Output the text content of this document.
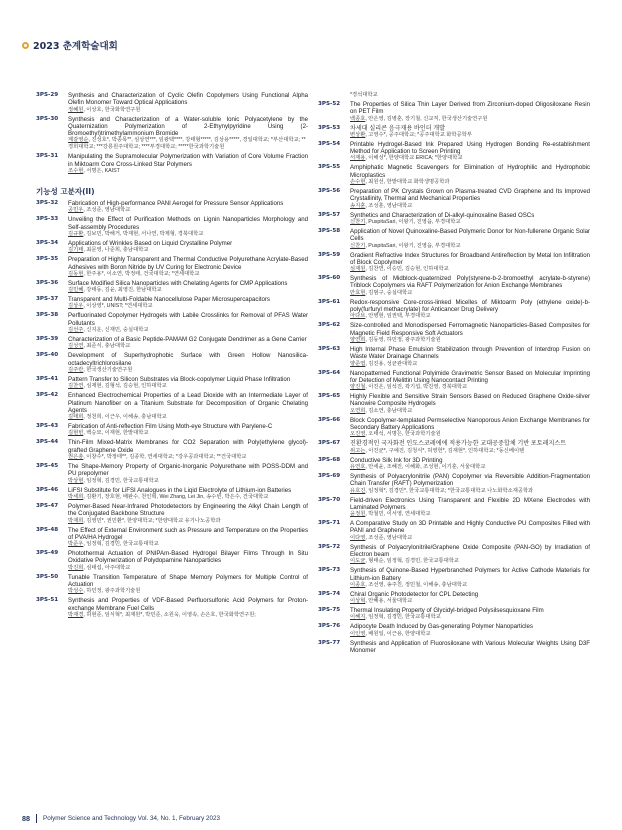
2023 춘계학술대회
3PS-29	Synthesis and Characterization of Cyclic Olefin Copolymers Using Functional Alpha Olefin Monomer Toward Optical Applications
정혜원, 이상호, 한국화학연구원
3PS-30	Synthesis and Characterization of a Water-soluble Ionic Polyacetylene by the Quaternization Polymerization of 2-Ethynylpyridine Using (2-Bromoethyl)trimethylammonium Bromide
제갈영순, 진성호*, 박종목**, 심상연***, 임광택****, 강태형*****, 김상용*****, 경일대학교; *부산대학교; **경희대학교; ***강릉원주대학교; ****부경대학교; *****한국과학기술원
3PS-31	Manipulating the Supramolecular Polymerization with Variation of Core Volume Fraction in Miktoarm Core Cross-Linked Star Polymers
조수현, 서명은, KAIST
기능성 고분자(II)
3PS-32	Fabrication of High-performance PANI Aerogel for Pressure Sensor Applications
공민우, 조성준, 영남대학교
3PS-33	Unveiling the Effect of Purification Methods on Lignin Nanoparticles Morphology and Self-assembly Procedures
김규환, 김보민, 박해거, 박재현, 서나연, 박제형, 경북대학교
3PS-34	Applications of Wrinkles Based on Liquid Crystalline Polymer
김기태, 최문영, 나준희, 충남대학교
3PS-35	Preparation of Highly Transparent and Thermal Conductive Polyurethane Acrylate-Based Adhesives with Boron Nitride by UV Curing for Electronic Device
김동현, 한주용*, 이소연, 박정태, 건국대학교; *연세대학교
3PS-36	Surface Modified Silica Nanoparticles with Chelating Agents for CMP Applications
김민혜, 강태동, 김윤, 최영진, 한남대학교
3PS-37	Transparent and Multi-Foldable Nanocellulose Paper Microsupercapacitors
김상우, 이상영*, UNIST; *연세대학교
3PS-38	Perfluorinated Copolymer Hydrogels with Labile Crosslinks for Removal of PFAS Water Pollutants
김선주, 신지운, 신재민, 숭실대학교
3PS-39	Characterization of a Basic Peptide-PAMAM G2 Conjugate Dendrimer as a Gene Carrier
김성연, 최준식, 충남대학교
3PS-40	Development of Superhydrophobic Surface with Green Hollow Nanosilica-octadecyltrichlorosilane
김주란, 한국생산기술연구원
3PS-41	Pattern Transfer to Silicon Substrates via Block-copolymer Liquid Phase Infiltration
김찬연, 심재현, 김형석, 김승현, 인하대학교
3PS-42	Enhanced Electrochemical Properties of a Lead Dioxide with an Intermediate Layer of Platinum Nanofiber on a Titanium Substrate for Decomposition of Organic Chelating Agents
김태희, 정천희, 이근우, 이해송, 충남대학교
3PS-43	Fabrication of Anti-reflection Film Using Moth-eye Structure with Parylene-C
김현빈, 백승묘, 이재현, 한밭대학교
3PS-44	Thin-Film Mixed-Matrix Membranes for CO2 Separation with Poly(ethylene glycol)-grafted Graphene Oxide
권은총, 이창수*, 박정태**, 김종학, 연세대학교; *강우공과대학교; **건국대학교
3PS-45	The Shape-Memory Property of Organic-Inorganic Polyurethane with POSS-DDM and PU prepolymer
박상현, 임정혁, 김경민, 한국교통대학교
3PS-46	LiFSI Substitute for LiFSI Analogues in the Liqid Electrolyte of Lithium-ion Batteries
박세희, 김환기, 장호현, 배완수, 천인혁, Wei Zhang, Lei Jin, 송수빈, 박은수, 건국대학교
3PS-47	Polymer-Based Near-Infrared Photodetectors by Engineering the Alkyl Chain Length of the Conjugated Backbone Structure
박재희, 김영민*, 권민환*, 한양대학교; *한양대학교 유기나노공학과
3PS-48	The Effect of External Environment such as Pressure and Temperature on the Properties of PVA/HA Hydrogel
박준우, 임정혁, 김경민, 한국교통대학교
3PS-49	Photothermal Actuation of PNIPAm-Based Hydrogel Bilayer Films Through In Situ Oxidative Polymerization of Polydopamine Nanoparticles
박진희, 심태섭, 아주대학교
3PS-50	Tunable Transition Temperature of Shape Memory Polymers for Multiple Control of Actuation
박성수, 하민정, 광주과학기술원
3PS-51	Synthesis and Properties of VDF-Based Perfluorsulfonic Acid Polymers for Proton-exchange Membrane Fuel Cells
박재경, 허현준, 임식혁*, 최재원*, 박민준, 소원욱, 이영속, 손은호, 한국화학연구원;
*경석대학교
3PS-52	The Properties of Silica Thin Layer Derived from Zirconium-doped Oligosiloxane Resin on PET Film
백종호, 안은영, 김병훈, 장기철, 신교직, 한국생산기술연구원
3PS-53	차세대 실리콘 음극재용 바인더 개발
변상환, 고영수*, 공주대학교; *공주대학교 화학공학부
3PS-54	Printable Hydrogel-Based Ink Prepared Using Hydrogen Bonding Re-establishment Method for Application to Screen Printing
서재용, 이해성*, 한양대학교 ERICA; *한양대학교
3PS-55	Amphiphatic Magnetic Scavengers for Elimination of Hydrophilic and Hydrophobic Microplastics
손수현, 최원선, 한밭대학교 화학생명공학과
3PS-56	Preparation of PK Crystals Grown on Plasma-treated CVD Graphene and Its Improved Crystallinity, Thermal and Mechanical Properties
송지훈, 조성훈, 영남대학교
3PS-57	Synthetics and Characterization of Di-alkyl-quinoxaline Based OSCs
신찬기, PuspitaSari, 이왕기, 진영읍, 부경대학교
3PS-58	Application of Novel Quinoxaline-Based Polymeric Donor for Non-fullerene Organic Solar Cells
신찬기, PuspitaSari, 이왕기, 진영읍, 부경대학교
3PS-59	Gradient Refractive Index Structures for Broadband Antireflection by Metal Ion Infiltration of Block Copolymer
심재원, 김찬연, 이승민, 김승현, 인하대학교
3PS-60	Synthesis of Midblock-quaternized Poly(styrene-b-2-bromoethyl acrylate-b-styrene) Triblock Copolymers via RAFT Polymerization for Anion Exchange Membranes
안효현, 김범구, 숭실대학교
3PS-61	Redox-responsive Core-cross-linked Micelles of Miktoarm Poly (ethylene oxide)-b-poly(furfuryl methacrylate) for Anticancer Drug Delivery
아다브, 안병현, 임권택, 부경대학교
3PS-62	Size-controlled and Monodispersed Ferromagnetic Nanoparticles-Based Composites for Magnetic Field Responsive Soft Actuators
양연희, 김동영, 하민정, 광주과학기술원
3PS-63	High Internal Phase Emulsion Stabilization through Prevention of Interdrop Fusion on Waste Water Drainage Channels
양준엽, 김진용, 성균관대학교
3PS-64	Nanopatterned Functional Polyimide Gravimetric Sensor Based on Molecular Imprinting for Detection of Melittin Using Nanocontact Printing
양진철, 이진온, 임석진, 곽기섭, 박진영, 경북대학교
3PS-65	Highly Flexible and Sensitive Strain Sensors Based on Reduced Graphene Oxide-silver Nanowire Composite Hydrogels
오연희, 김소연, 충남대학교
3PS-66	Block Copolymer-templated Permselective Nanoporous Anion Exchange Membranes for Secondary Battery Applications
오진영, 오태석, 서명은, 한국과학기술원
3PS-67	진환경적인 국자화전 인도스코레에에 적용가능한 교대공중합체 기반 포토레지스트
위고는, 이진균*, 구예진, 김청식*, 허영헌*, 김재현*, 인하대학교; *동신베이텐
3PS-68	Conductive Silk Ink for 3D Printing
유연호, 안세윤, 조혜진, 이혜화, 조성현, 이기훈, 서울대학교
3PS-69	Synthesis of Polyacrylonitrile (PAN) Copolymer via Reversible Addition-Fragmentation Chain Transfer (RAFT) Polymerization
유호진, 임정혁*, 김경민*, 한국교통대학교; *한국교통대학교 나노화학소재공학과
3PS-70	Field-driven Electronics Using Transparent and Flexible 2D MXene Electrodes with Laminated Polymers
윤정원, 박철민, 이서영, 연세대학교
3PS-71	A Comparative Study on 3D Printable and Highly Conductive PU Composites Filled with PANI and Graphene
이다영, 조성준, 영남대학교
3PS-72	Synthesis of Polyacrylonitrile/Graphene Oxide Composite (PAN-GO) by Irradiation of Electron beam
이도균, 형태순, 임정혁, 김경민, 한국교통대학교
3PS-73	Synthesis of Quinone-Based Hyperbranched Polymers for Active Cathode Materials for Lithium-ion Battery
이종호, 조선영, 송주진, 정민철, 이해송, 충남대학교
3PS-74	Chiral Organic Photodetector for CPL Detecting
이상혁, 안혜용, 서울대학교
3PS-75	Thermal Insulating Property of Glycidyl-bridged Polysilsesquioxane Film
이혜지, 임정혁, 김경민, 한국교통대학교
3PS-76	Adipocyte Death Induced by Gas-generating Polymer Nanoparticles
이인영, 배원일, 이근용, 한양대학교
3PS-77	Synthesis and Application of Fluorosiloxane with Various Molecular Weights Using D3F Monomer
88 Polymer Science and Technology Vol. 34, No. 1, February 2023
